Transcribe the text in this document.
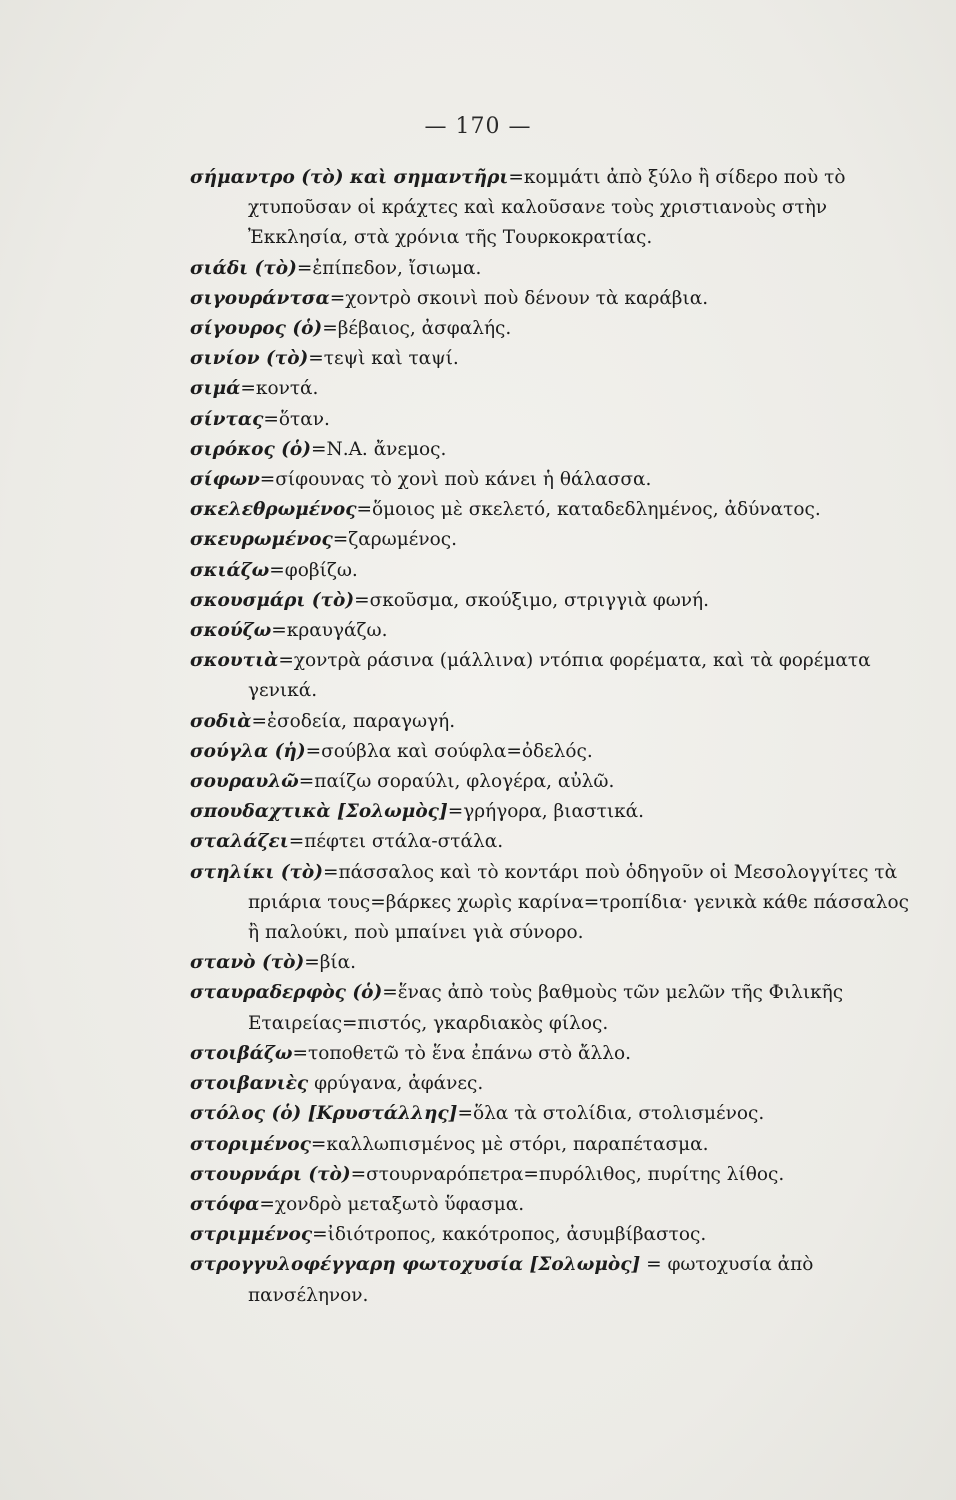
— 170 —

σήμαντρο (τὸ) καὶ σημαντῆρι=κομμάτι ἀπὸ ξύλο ἢ σίδερο ποὺ τὸ χτυποῦσαν οἱ κράχτες καὶ καλοῦσανε τοὺς χριστιανοὺς στὴν Ἐκκλησία, στὰ χρόνια τῆς Τουρκοκρατίας.

σιάδι (τὸ)=ἐπίπεδον, ἴσιωμα.

σιγουράντσα=χοντρὸ σκοινὶ ποὺ δένουν τὰ καράβια.

σίγουρος (ὁ)=βέβαιος, ἀσφαλής.

σινίον (τὸ)=τεψὶ καὶ ταψί.

σιμά=κοντά.

σίντας=ὅταν.

σιρόκος (ὁ)=Ν.Α. ἄνεμος.

σίφων=σίφουνας τὸ χονὶ ποὺ κάνει ἡ θάλασσα.

σκελεθρωμένος=ὅμοιος μὲ σκελετό, καταδεδλημένος, ἀδύνατος.

σκευρωμένος=ζαρωμένος.

σκιάζω=φοβίζω.

σκουσμάρι (τὸ)=σκοῦσμα, σκούξιμο, στριγγιὰ φωνή.

σκούζω=κραυγάζω.

σκουτιὰ=χοντρὰ ράσινα (μάλλινα) ντόπια φορέματα, καὶ τὰ φορέματα γενικά.

σοδιὰ=ἐσοδεία, παραγωγή.

σούγλα (ἡ)=σούβλα καὶ σούφλα=ὀδελός.

σουραυλῶ=παίζω σοραύλι, φλογέρα, αὐλῶ.

σπουδαχτικὰ [Σολωμὸς]=γρήγορα, βιαστικά.

σταλάζει=πέφτει στάλα-στάλα.

στηλίκι (τὸ)=πάσσαλος καὶ τὸ κοντάρι ποὺ ὁδηγοῦν οἱ Μεσολογγίτες τὰ πριάρια τους=βάρκες χωρὶς καρίνα=τροπίδια· γενικὰ κάθε πάσσαλος ἢ παλούκι, ποὺ μπαίνει γιὰ σύνορο.

στανὸ (τὸ)=βία.

σταυραδερφὸς (ὁ)=ἕνας ἀπὸ τοὺς βαθμοὺς τῶν μελῶν τῆς Φιλικῆς Εταιρείας=πιστός, γκαρδιακὸς φίλος.

στοιβάζω=τοποθετῶ τὸ ἕνα ἐπάνω στὸ ἄλλο.

στοιβανιὲς φρύγανα, ἀφάνες.

στόλος (ὁ) [Κρυστάλλης]=ὅλα τὰ στολίδια, στολισμένος.

στοριμένος=καλλωπισμένος μὲ στόρι, παραπέτασμα.

στουρνάρι (τὸ)=στουρναρόπετρα=πυρόλιθος, πυρίτης λίθος.

στόφα=χονδρὸ μεταξωτὸ ὕφασμα.

στριμμένος=ἰδιότροπος, κακότροπος, ἀσυμβίβαστος.

στρογγυλοφέγγαρη φωτοχυσία [Σολωμὸς] = φωτοχυσία ἀπὸ πανσέληνον.
